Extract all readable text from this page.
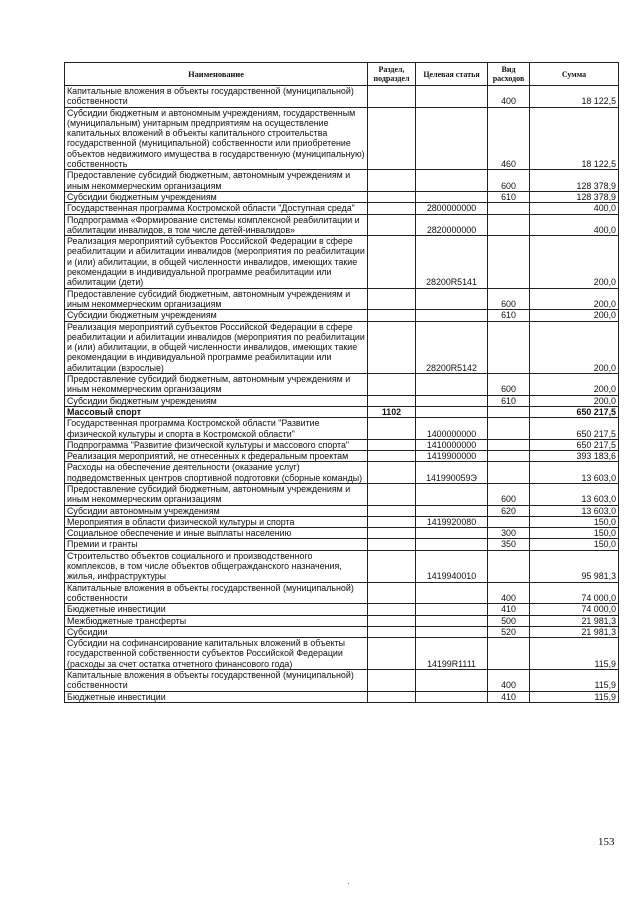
Наименование	Раздел, подраздел	Целевая статья	Вид расходов	Сумма
Капитальные вложения в объекты государственной (муниципальной) собственности			400	18 122,5
Субсидии бюджетным и автономным учреждениям, государственным (муниципальным) унитарным предприятиям на осуществление капитальных вложений в объекты капитального строительства государственной (муниципальной) собственности или приобретение объектов недвижимого имущества в государственную (муниципальную) собственность			460	18 122,5
Предоставление субсидий бюджетным, автономным учреждениям и иным некоммерческим организациям			600	128 378,9
Субсидии бюджетным учреждениям			610	128 378,9
Государственная программа Костромской области "Доступная среда"		2800000000		400,0
Подпрограмма «Формирование системы комплексной реабилитации и абилитации инвалидов, в том числе детей-инвалидов»		2820000000		400,0
Реализация мероприятий субъектов Российской Федерации в сфере реабилитации и абилитации инвалидов (мероприятия по реабилитации и (или) абилитации, в общей численности инвалидов, имеющих такие рекомендации в индивидуальной программе реабилитации или абилитации (дети)		28200R5141		200,0
Предоставление субсидий бюджетным, автономным учреждениям и иным некоммерческим организациям			600	200,0
Субсидии бюджетным учреждениям			610	200,0
Реализация мероприятий субъектов Российской Федерации в сфере реабилитации и абилитации инвалидов (мероприятия по реабилитации и (или) абилитации, в общей численности инвалидов, имеющих такие рекомендации в индивидуальной программе реабилитации или абилитации (взрослые)		28200R5142		200,0
Предоставление субсидий бюджетным, автономным учреждениям и иным некоммерческим организациям			600	200,0
Субсидии бюджетным учреждениям			610	200,0
Массовый спорт	1102			650 217,5
Государственная программа Костромской области "Развитие физической культуры и спорта в Костромской области"		1400000000		650 217,5
Подпрограмма "Развитие физической культуры и массового спорта"		1410000000		650 217,5
Реализация мероприятий, не отнесенных к федеральным проектам		1419900000		393 183,6
Расходы на обеспечение деятельности (оказание услуг) подведомственных центров спортивной подготовки (сборные команды)		141990059Э		13 603,0
Предоставление субсидий бюджетным, автономным учреждениям и иным некоммерческим организациям			600	13 603,0
Субсидии автономным учреждениям			620	13 603,0
Мероприятия в области физической культуры и спорта		1419920080		150,0
Социальное обеспечение и иные выплаты населению			300	150,0
Премии и гранты			350	150,0
Строительство объектов социального и производственного комплексов, в том числе объектов общегражданского назначения, жилья, инфраструктуры		1419940010		95 981,3
Капитальные вложения в объекты государственной (муниципальной) собственности			400	74 000,0
Бюджетные инвестиции			410	74 000,0
Межбюджетные трансферты			500	21 981,3
Субсидии			520	21 981,3
Субсидии на софинансирование капитальных вложений в объекты государственной собственности субъектов Российской Федерации (расходы за счет остатка отчетного финансового года)		14199R1111		115,9
Капитальные вложения в объекты государственной (муниципальной) собственности			400	115,9
Бюджетные инвестиции			410	115,9
153
